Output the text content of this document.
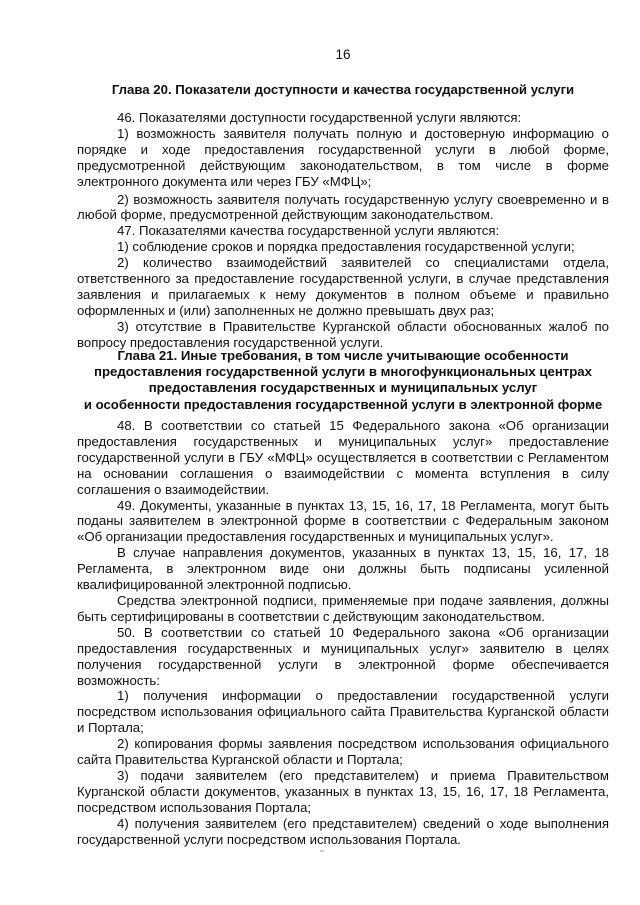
16

Глава 20. Показатели доступности и качества государственной услуги

46. Показателями доступности государственной услуги являются:

1) возможность заявителя получать полную и достоверную информацию о порядке и ходе предоставления государственной услуги в любой форме, предусмотренной действующим законодательством, в том числе в форме электронного документа или через ГБУ «МФЦ»;

2) возможность заявителя получать государственную услугу своевременно и в любой форме, предусмотренной действующим законодательством.

47. Показателями качества государственной услуги являются:

1) соблюдение сроков и порядка предоставления государственной услуги;

2) количество взаимодействий заявителей со специалистами отдела, ответственного за предоставление государственной услуги, в случае представления заявления и прилагаемых к нему документов в полном объеме и правильно оформленных и (или) заполненных не должно превышать двух раз;

3) отсутствие в Правительстве Курганской области обоснованных жалоб по вопросу предоставления государственной услуги.

Глава 21. Иные требования, в том числе учитывающие особенности

предоставления государственной услуги в многофункциональных центрах

предоставления государственных и муниципальных услуг

и особенности предоставления государственной услуги в электронной форме

48. В соответствии со статьей 15 Федерального закона «Об организации предоставления государственных и муниципальных услуг» предоставление государственной услуги в ГБУ «МФЦ» осуществляется в соответствии с Регламентом на основании соглашения о взаимодействии с момента вступления в силу соглашения о взаимодействии.

49. Документы, указанные в пунктах 13, 15, 16, 17, 18 Регламента, могут быть поданы заявителем в электронной форме в соответствии с Федеральным законом «Об организации предоставления государственных и муниципальных услуг».

В случае направления документов, указанных в пунктах 13, 15, 16, 17, 18 Регламента, в электронном виде они должны быть подписаны усиленной квалифицированной электронной подписью.

Средства электронной подписи, применяемые при подаче заявления, должны быть сертифицированы в соответствии с действующим законодательством.

50. В соответствии со статьей 10 Федерального закона «Об организации предоставления государственных и муниципальных услуг» заявителю в целях получения государственной услуги в электронной форме обеспечивается возможность:

1) получения информации о предоставлении государственной услуги посредством использования официального сайта Правительства Курганской области и Портала;

2) копирования формы заявления посредством использования официального сайта Правительства Курганской области и Портала;

3) подачи заявителем (его представителем) и приема Правительством Курганской области документов, указанных в пунктах 13, 15, 16, 17, 18 Регламента, посредством использования Портала;

4) получения заявителем (его представителем) сведений о ходе выполнения государственной услуги посредством использования Портала.
